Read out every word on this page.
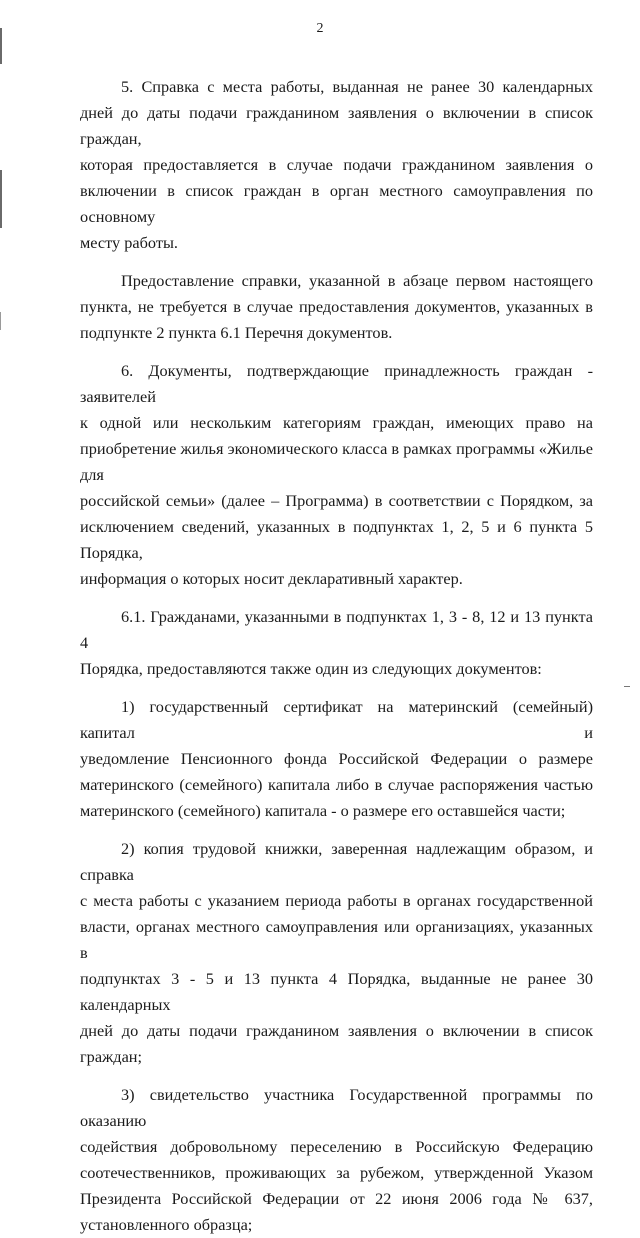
2

5. Справка с места работы, выданная не ранее 30 календарных
дней до даты подачи гражданином заявления о включении в список граждан,
которая предоставляется в случае подачи гражданином заявления о
включении в список граждан в орган местного самоуправления по основному
месту работы.

Предоставление справки, указанной в абзаце первом настоящего
пункта, не требуется в случае предоставления документов, указанных в
подпункте 2 пункта 6.1 Перечня документов.

6. Документы, подтверждающие принадлежность граждан - заявителей
к одной или нескольким категориям граждан, имеющих право на
приобретение жилья экономического класса в рамках программы «Жилье для
российской семьи» (далее – Программа) в соответствии с Порядком, за
исключением сведений, указанных в подпунктах 1, 2, 5 и 6 пункта 5 Порядка,
информация о которых носит декларативный характер.

6.1. Гражданами, указанными в подпунктах 1, 3 - 8, 12 и 13 пункта 4
Порядка, предоставляются также один из следующих документов:

1) государственный сертификат на материнский (семейный) капитал и
уведомление Пенсионного фонда Российской Федерации о размере
материнского (семейного) капитала либо в случае распоряжения частью
материнского (семейного) капитала - о размере его оставшейся части;

2) копия трудовой книжки, заверенная надлежащим образом, и справка
с места работы с указанием периода работы в органах государственной
власти, органах местного самоуправления или организациях, указанных в
подпунктах 3 - 5 и 13 пункта 4 Порядка, выданные не ранее 30 календарных
дней до даты подачи гражданином заявления о включении в список граждан;

3) свидетельство участника Государственной программы по оказанию
содействия добровольному переселению в Российскую Федерацию
соотечественников, проживающих за рубежом, утвержденной Указом
Президента Российской Федерации от 22 июня 2006 года № 637,
установленного образца;
